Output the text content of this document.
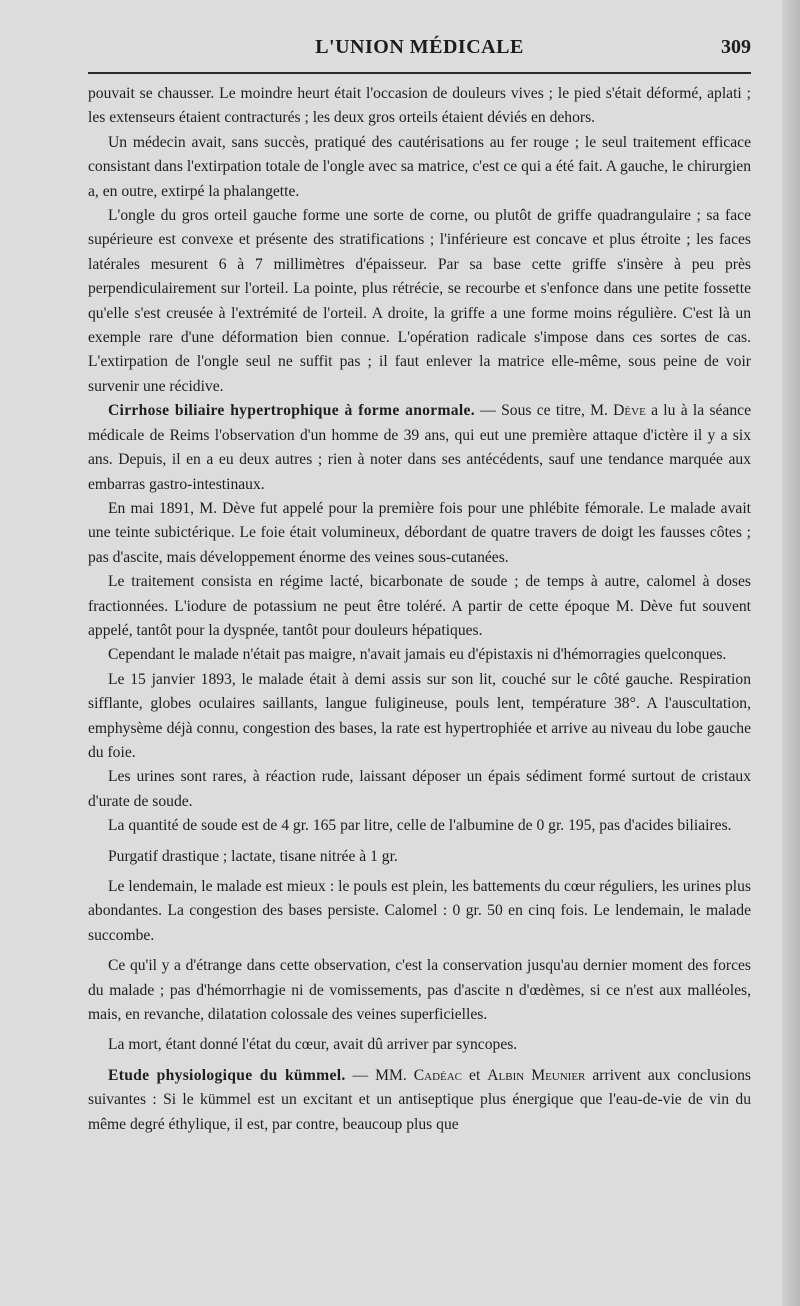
L'UNION MÉDICALE	309

pouvait se chausser. Le moindre heurt était l'occasion de douleurs vives ; le pied s'était déformé, aplati ; les extenseurs étaient contracturés ; les deux gros orteils étaient déviés en dehors.

Un médecin avait, sans succès, pratiqué des cautérisations au fer rouge ; le seul traitement efficace consistant dans l'extirpation totale de l'ongle avec sa matrice, c'est ce qui a été fait. A gauche, le chirurgien a, en outre, extirpé la phalangette.

L'ongle du gros orteil gauche forme une sorte de corne, ou plutôt de griffe quadrangulaire ; sa face supérieure est convexe et présente des stratifications ; l'inférieure est concave et plus étroite ; les faces latérales mesurent 6 à 7 millimètres d'épaisseur. Par sa base cette griffe s'insère à peu près perpendiculairement sur l'orteil. La pointe, plus rétrécie, se recourbe et s'enfonce dans une petite fossette qu'elle s'est creusée à l'extrémité de l'orteil. A droite, la griffe a une forme moins régulière. C'est là un exemple rare d'une déformation bien connue. L'opération radicale s'impose dans ces sortes de cas. L'extirpation de l'ongle seul ne suffit pas ; il faut enlever la matrice elle-même, sous peine de voir survenir une récidive.

Cirrhose biliaire hypertrophique à forme anormale. — Sous ce titre, M. Dève a lu à la séance médicale de Reims l'observation d'un homme de 39 ans, qui eut une première attaque d'ictère il y a six ans. Depuis, il en a eu deux autres ; rien à noter dans ses antécédents, sauf une tendance marquée aux embarras gastro-intestinaux.

En mai 1891, M. Dève fut appelé pour la première fois pour une phlébite fémorale. Le malade avait une teinte subictérique. Le foie était volumineux, débordant de quatre travers de doigt les fausses côtes ; pas d'ascite, mais développement énorme des veines sous-cutanées.

Le traitement consista en régime lacté, bicarbonate de soude ; de temps à autre, calomel à doses fractionnées. L'iodure de potassium ne peut être toléré. A partir de cette époque M. Dève fut souvent appelé, tantôt pour la dyspnée, tantôt pour douleurs hépatiques.

Cependant le malade n'était pas maigre, n'avait jamais eu d'épistaxis ni d'hémorragies quelconques.

Le 15 janvier 1893, le malade était à demi assis sur son lit, couché sur le côté gauche. Respiration sifflante, globes oculaires saillants, langue fuligineuse, pouls lent, température 38°. A l'auscultation, emphysème déjà connu, congestion des bases, la rate est hypertrophiée et arrive au niveau du lobe gauche du foie.

Les urines sont rares, à réaction rude, laissant déposer un épais sédiment formé surtout de cristaux d'urate de soude.

La quantité de soude est de 4 gr. 165 par litre, celle de l'albumine de 0 gr. 195, pas d'acides biliaires.

Purgatif drastique ; lactate, tisane nitrée à 1 gr.

Le lendemain, le malade est mieux : le pouls est plein, les battements du cœur réguliers, les urines plus abondantes. La congestion des bases persiste. Calomel : 0 gr. 50 en cinq fois. Le lendemain, le malade succombe.

Ce qu'il y a d'étrange dans cette observation, c'est la conservation jusqu'au dernier moment des forces du malade ; pas d'hémorrhagie ni de vomissements, pas d'ascite n d'œdèmes, si ce n'est aux malléoles, mais, en revanche, dilatation colossale des veines superficielles.

La mort, étant donné l'état du cœur, avait dû arriver par syncopes.

Etude physiologique du kümmel. — MM. Cadéac et Albin Meunier arrivent aux conclusions suivantes : Si le kümmel est un excitant et un antiseptique plus énergique que l'eau-de-vie de vin du même degré éthylique, il est, par contre, beaucoup plus que
